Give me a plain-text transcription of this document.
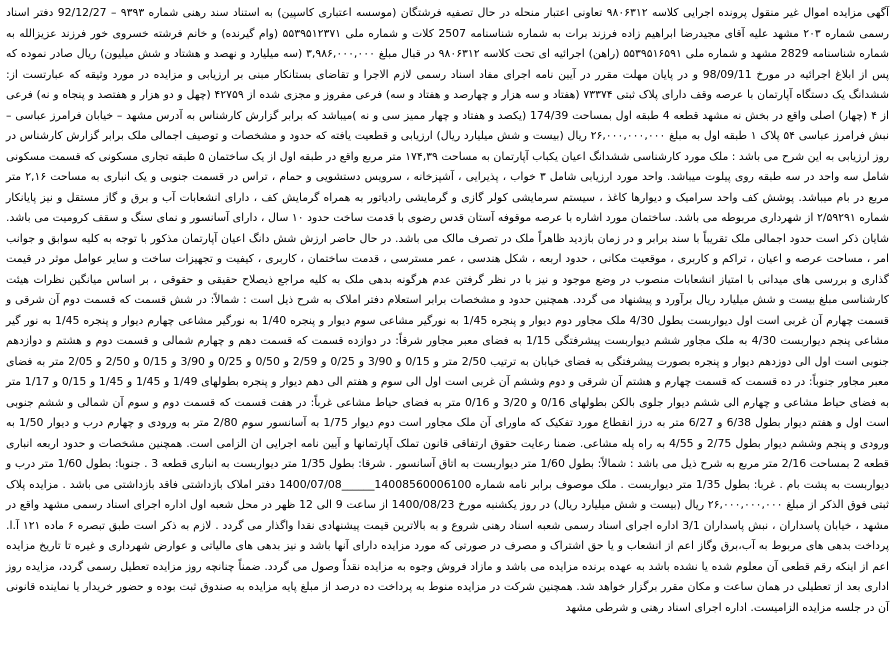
آگهی مزایده اموال غیر منقول پرونده اجرایی کلاسه ۹۸۰۶۳۱۲ تعاونی اعتبار منحله در حال تصفیه فرشتگان (موسسه اعتباری کاسپین) به استناد سند رهنی شماره ۹۳۹۳ – 92/12/27 دفتر اسناد رسمی شماره ۲۰۳ مشهد علیه آقای مجیدرضا ابراهیم زاده فرزند برات به شماره شناسنامه 2507 کلات و شماره ملی ۵۵۳۹۵۱۲۳۷۱ (وام گیرنده) و خانم فرشته خسروی خور فرزند عزیزالله به شماره شناسنامه 2829 مشهد و شماره ملی ۵۵۳۹۵۱۶۵۹۱ (راهن) اجرائیه ای تحت کلاسه ۹۸۰۶۳۱۲ در قبال مبلغ ۳,۹۸۶,۰۰۰,۰۰۰ (سه میلیارد و نهصد و هشتاد و شش میلیون) ریال صادر نموده که پس از ابلاغ اجرائیه در مورخ 98/09/11 و در پایان مهلت مقرر در آیین نامه اجرای مفاد اسناد رسمی لازم الاجرا و تقاضای بستانکار مبنی بر ارزیابی و مزایده در مورد وثیقه که عبارتست از: ششدانگ یک دستگاه آپارتمان با عرصه وقف دارای پلاک ثبتی ۷۳۳۷۴ (هفتاد و سه هزار و چهارصد و هفتاد و سه) فرعی مفروز و مجزی شده از ۴۲۷۵۹ (چهل و دو هزار و هفتصد و پنجاه و نه) فرعی از ۴ (چهار) اصلی واقع در بخش نه مشهد قطعه 4 طبقه اول بمساحت 174/39 (یکصد و هفتاد و چهار ممیز سی و نه )میباشد که برابر گزارش کارشناس به آدرس مشهد – خیابان فرامرز عباسی – نبش فرامرز عباسی ۵۴ پلاک ۱ طبقه اول به مبلغ ۲۶,۰۰۰,۰۰۰,۰۰۰ ریال (بیست و شش میلیارد ریال) ارزیابی و قطعیت یافته که حدود و مشخصات و توصیف اجمالی ملک برابر گزارش کارشناس در روز ارزیابی به این شرح می باشد : ملک مورد کارشناسی ششدانگ اعیان یکباب آپارتمان به مساحت ۱۷۴,۳۹ متر مربع واقع در طبقه اول از یک ساختمان ۵ طبقه تجاری مسکونی که قسمت مسکونی شامل سه واحد در سه طبقه روی پیلوت میباشد. واحد مورد ارزیابی شامل ۳ خواب ، پذیرایی ، آشپزخانه ، سرویس دستشویی و حمام ، تراس در قسمت جنوبی و یک انباری به مساحت ۲,۱۶ متر مربع در بام میباشد. پوشش کف واحد سرامیک و دیوارها کاغذ ، سیستم سرمایشی کولر گازی و گرمایشی رادیاتور به همراه گرمایش کف ، دارای انشعابات آب و برق و گاز مستقل و نیز پایانکار شماره ۲/۵۹۲۹۱ از شهرداری مربوطه می باشد. ساختمان مورد اشاره با عرصه موقوفه آستان قدس رضوی با قدمت ساخت حدود ۱۰ سال ، دارای آسانسور و نمای سنگ و سقف کرومیت می باشد. شایان ذکر است حدود اجمالی ملک تقریباً با سند برابر و در زمان بازدید ظاهراً ملک در تصرف مالک می باشد. در حال حاضر ارزش شش دانگ اعیان آپارتمان مذکور با توجه به کلیه سوابق و جوانب امر ، مساحت عرصه و اعیان ، تراکم و کاربری ، موقعیت مکانی ، حدود اربعه ، شکل هندسی ، عمر مسترسی ، قدمت ساختمان ، کاربری ، کیفیت و تجهیزات ساخت و سایر عوامل موثر در قیمت گذاری و بررسی های میدانی با امتیاز انشعابات منصوب در وضع موجود و نیز با در نظر گرفتن عدم هرگونه بدهی ملک به کلیه مراجع ذیصلاح حقیقی و حقوقی ، بر اساس میانگین نظرات هیئت کارشناسی مبلغ بیست و شش میلیارد ریال برآورد و پیشنهاد می گردد. همچنین حدود و مشخصات برابر استعلام دفتر املاک به شرح ذیل است : شمالاً: در شش قسمت که قسمت دوم آن شرقی و قسمت چهارم آن غربی است اول دیواربست بطول 4/30 ملک مجاور دوم دیوار و پنجره 1/45 به نورگیر مشاعی سوم دیوار و پنجره 1/40 به نورگیر مشاعی چهارم دیوار و پنجره 1/45 به نور گیر مشاعی پنجم دیواربست 4/30 به ملک مجاور ششم دیواربست پیشرفتگی 1/15 به فضای معبر مجاور شرقاً: در دوازده قسمت که قسمت دهم و چهارم شمالی و قسمت دوم و هشتم و دوازدهم جنوبی است اول الی دوزدهم دیوار و پنجره بصورت پیشرفتگی به فضای خیابان به ترتیب 2/50 متر و 0/15 و 3/90 و 0/25 و 2/59 و 0/50 و 0/25 و 3/90 و 0/15 و 2/50 و 2/05 متر به فضای معبر مجاور جنوباً: در ده قسمت که قسمت چهارم و هشتم آن شرقی و دوم وششم آن غربی است اول الی سوم و هفتم الی دهم دیوار و پنجره بطولهای 1/49 و 1/45 و 1/45 و 0/15 و 1/17 متر به فضای حیاط مشاعی و چهارم الی ششم دیوار جلوی بالکن بطولهای 0/16 و 3/20 و 0/16 متر به فضای حیاط مشاعی غرباً: در هفت قسمت که قسمت دوم و سوم آن شمالی و ششم جنوبی است اول و هفتم دیوار بطول 6/38 و 6/27 متر به درز انقطاع مورد تفکیک که ماورای آن ملک مجاور است دوم دیوار 1/75 به آسانسور سوم 2/80 متر به ورودی و چهارم درب و دیوار 1/50 به ورودی و پنجم وششم دیوار بطول 2/75 و 4/55 به راه پله مشاعی. ضمنا رعایت حقوق ارتفاقی قانون تملک آپارتمانها و آیین نامه اجرایی ان الزامی است. همچنین مشخصات و حدود اربعه انباری قطعه 2 بمساحت 2/16 متر مربع به شرح ذیل می باشد : شمالاً: بطول 1/60 متر دیواربست به اتاق آسانسور . شرقا: بطول 1/35 متر دیواربست به انباری قطعه 3 . جنوبا: بطول 1/60 متر درب و دیواربست به پشت بام . غربا: بطول 1/35 متر دیواربست . ملک موصوف برابر نامه شماره 14008560006100______1400/07/08 دفتر املاک بازداشتی فاقد بازداشتی می باشد . مزایده پلاک ثبتی فوق الذکر از مبلغ ۲۶,۰۰۰,۰۰۰,۰۰۰ ریال (بیست و شش میلیارد ریال) در روز یکشنبه مورخ 1400/08/23 از ساعت 9 الی 12 ظهر در محل شعبه اول اداره اجرای اسناد رسمی مشهد واقع در مشهد ، خیابان پاسداران ، نبش پاسداران 3/1 اداره اجرای اسناد رسمی شعبه اسناد رهنی شروع و به بالاترین قیمت پیشنهادی نقدا واگذار می گردد . لازم به ذکر است طبق تبصره ۶ ماده ۱۲۱ آ.ا. پرداخت بدهی های مربوط به آب،برق وگاز اعم از انشعاب و یا حق اشتراک و مصرف در صورتی که مورد مزایده دارای آنها باشد و نیز بدهی های مالیاتی و عوارض شهرداری و غیره تا تاریخ مزایده اعم از اینکه رقم قطعی آن معلوم شده یا نشده باشد به عهده برنده مزایده می باشد و مازاد فروش وجوه به مزایده نقداً وصول می گردد. ضمناً چنانچه روز مزایده تعطیل رسمی گردد، مزایده روز اداری بعد از تعطیلی در همان ساعت و مکان مقرر برگزار خواهد شد. همچنین شرکت در مزایده منوط به پرداخت ده درصد از مبلغ پایه مزایده به صندوق ثبت بوده و حضور خریدار یا نماینده قانونی آن در جلسه مزایده الزامیست. اداره اجرای اسناد رهنی و شرطی مشهد
